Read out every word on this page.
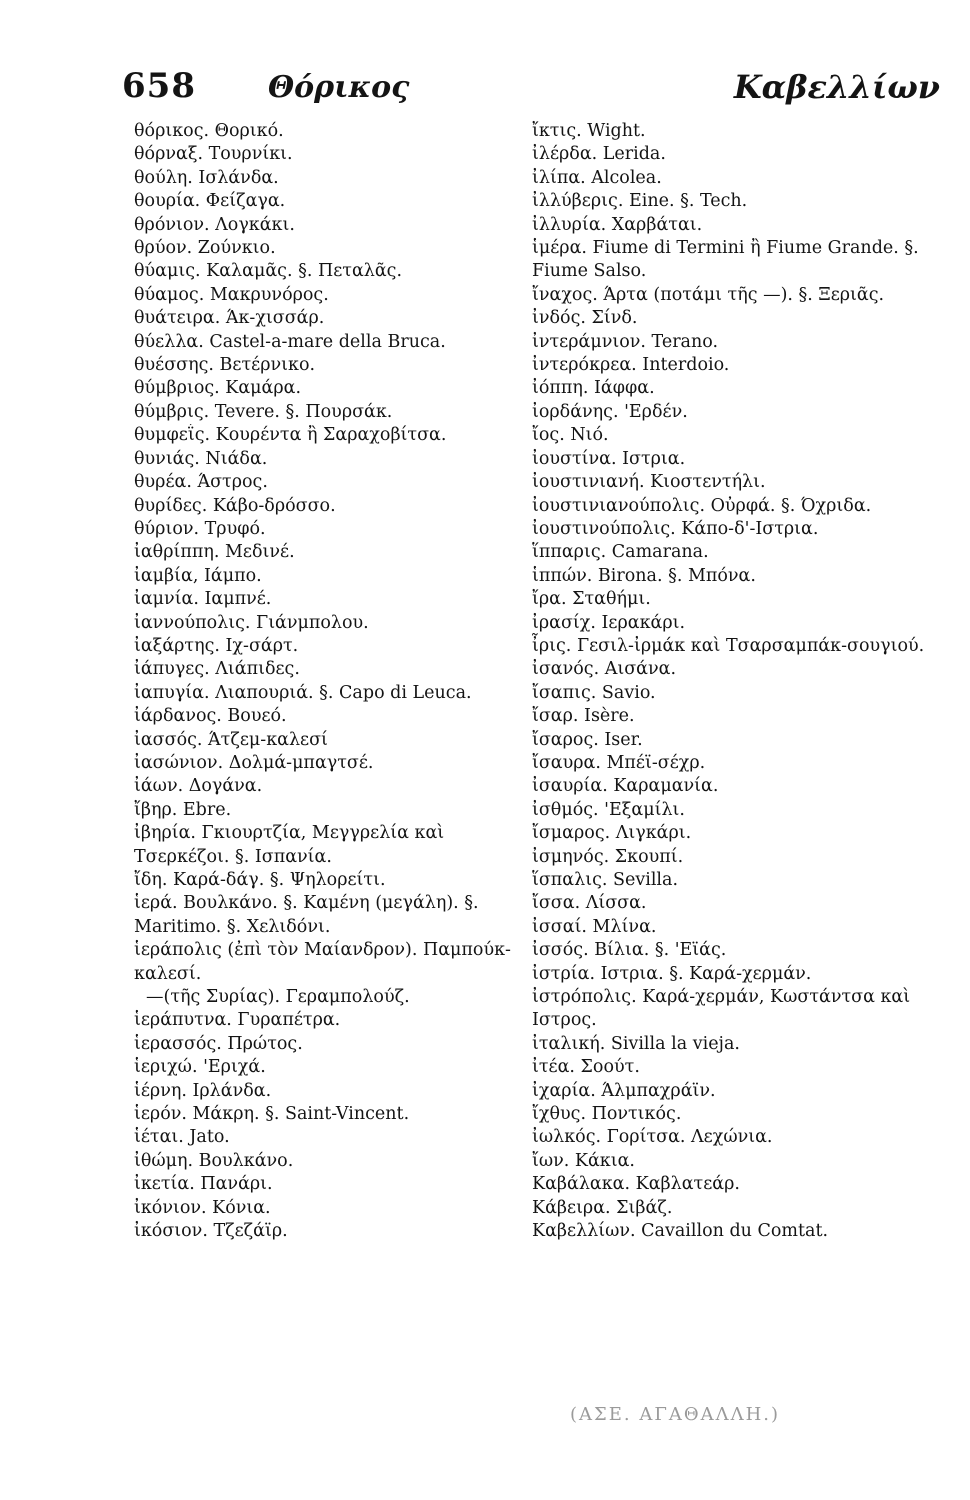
658 Θόρικος	Καβελλίων
θόρικος. Θορικό.
θόρναξ. Τουρνίκι.
θούλη. Ισλάνδα.
θουρία. Φείζαγα.
θρόνιον. Λογκάκι.
θρύον. Ζούνκιο.
θύαμις. Καλαμᾶς. §. Πεταλᾶς.
θύαμος. Μακρυνόρος.
θυάτειρα. Άκ-χισσάρ.
θύελλα. Castel-a-mare della Bruca.
θυέσσης. Βετέρνικο.
θύμβριος. Καμάρα.
θύμβρις. Tevere. §. Πουρσάκ.
θυμφεΐς. Κουρέντα ἢ Σαραχοβίτσα.
θυνιάς. Νιάδα.
θυρέα. Άστρος.
θυρίδες. Κάβο-δρόσσο.
θύριον. Τρυφό.
ἰαθρίππη. Μεδινέ.
ἰαμβία, Ιάμπο.
ἰαμνία. Ιαμπνέ.
ἰαννούπολις. Γιάνμπολου.
ἰαξάρτης. Ιχ-σάρτ.
ἰάπυγες. Λιάπιδες.
ἰαπυγία. Λιαπουριά. §. Capo di Leuca.
ἰάρδανος. Βουεό.
ἰασσός. Άτζεμ-καλεσί
ἰασώνιον. Δολμά-μπαγτσέ.
ἰάων. Δογάνα.
ἴβηρ. Ebre.
ἰβηρία. Γκιουρτζία, Μεγγρελία καὶ Τσερκέζοι. §. Ισπανία.
ἴδη. Καρά-δάγ. §. Ψηλορείτι.
ἱερά. Βουλκάνο. §. Καμένη (μεγάλη). §. Maritimo. §. Χελιδόνι.
ἱεράπολις (ἐπὶ τὸν Μαίανδρον). Παμπούκ-καλεσί.
—(τῆς Συρίας). Γεραμπολούζ.
ἱεράπυτνα. Γυραπέτρα.
ἱερασσός. Πρώτος.
ἱεριχώ. 'Εριχά.
ἱέρνη. Ιρλάνδα.
ἱερόν. Μάκρη. §. Saint-Vincent.
ἱέται. Jato.
ἰθώμη. Βουλκάνο.
ἰκετία. Πανάρι.
ἰκόνιον. Κόνια.
ἰκόσιον. Τζεζάϊρ.
ἴκτις. Wight.
ἰλέρδα. Lerida.
ἰλίπα. Alcolea.
ἰλλύβερις. Eine. §. Tech.
ἰλλυρία. Χαρβάται.
ἱμέρα. Fiume di Termini ἢ Fiume Grande. §. Fiume Salso.
ἴναχος. Άρτα (ποτάμι τῆς —). §. Ξεριᾶς.
ἰνδός. Σίνδ.
ἰντεράμνιον. Terano.
ἰντερόκρεα. Interdoio.
ἰόππη. Ιάφφα.
ἰορδάνης. 'Ερδέν.
ἴος. Νιό.
ἰουστίνα. Ιστρια.
ἰουστινιανή. Κιοστεντήλι.
ἰουστινιανούπολις. Οὐρφά. §. Όχριδα.
ἰουστινούπολις. Κάπο-δ'-Ιστρια.
ἵππαρις. Camarana.
ἱππών. Birona. §. Μπόνα.
ἴρα. Σταθήμι.
ἰρασίχ. Ιερακάρι.
ἶρις. Γεσιλ-ἰρμάκ καὶ Τσαρσαμπάκ-σουγιού.
ἰσανός. Αισάνα.
ἴσαπις. Savio.
ἴσαρ. Isère.
ἴσαρος. Iser.
ἴσαυρα. Μπέϊ-σέχρ.
ἰσαυρία. Καραμανία.
ἰσθμός. 'Εξαμίλι.
ἴσμαρος. Λιγκάρι.
ἰσμηνός. Σκουπί.
ἵσπαλις. Sevilla.
ἴσσα. Λίσσα.
ἰσσαί. Μλίνα.
ἰσσός. Βίλια. §. 'Εϊάς.
ἰστρία. Ιστρια. §. Καρά-χερμάν.
ἰστρόπολις. Καρά-χερμάν, Κωστάντσα καὶ Ιστρος.
ἰταλική. Sivilla la vieja.
ἰτέα. Σοούτ.
ἰχαρία. Άλμπαχράϊν.
ἴχθυς. Ποντικός.
ἰωλκός. Γορίτσα. Λεχώνια.
ἴων. Κάκια.
Καβάλακα. Καβλατεάρ.
Κάβειρα. Σιβάζ.
Καβελλίων. Cavaillon du Comtat.
(ΑΣΕ. ΑΓΑΘΑΛΛΗ.)
